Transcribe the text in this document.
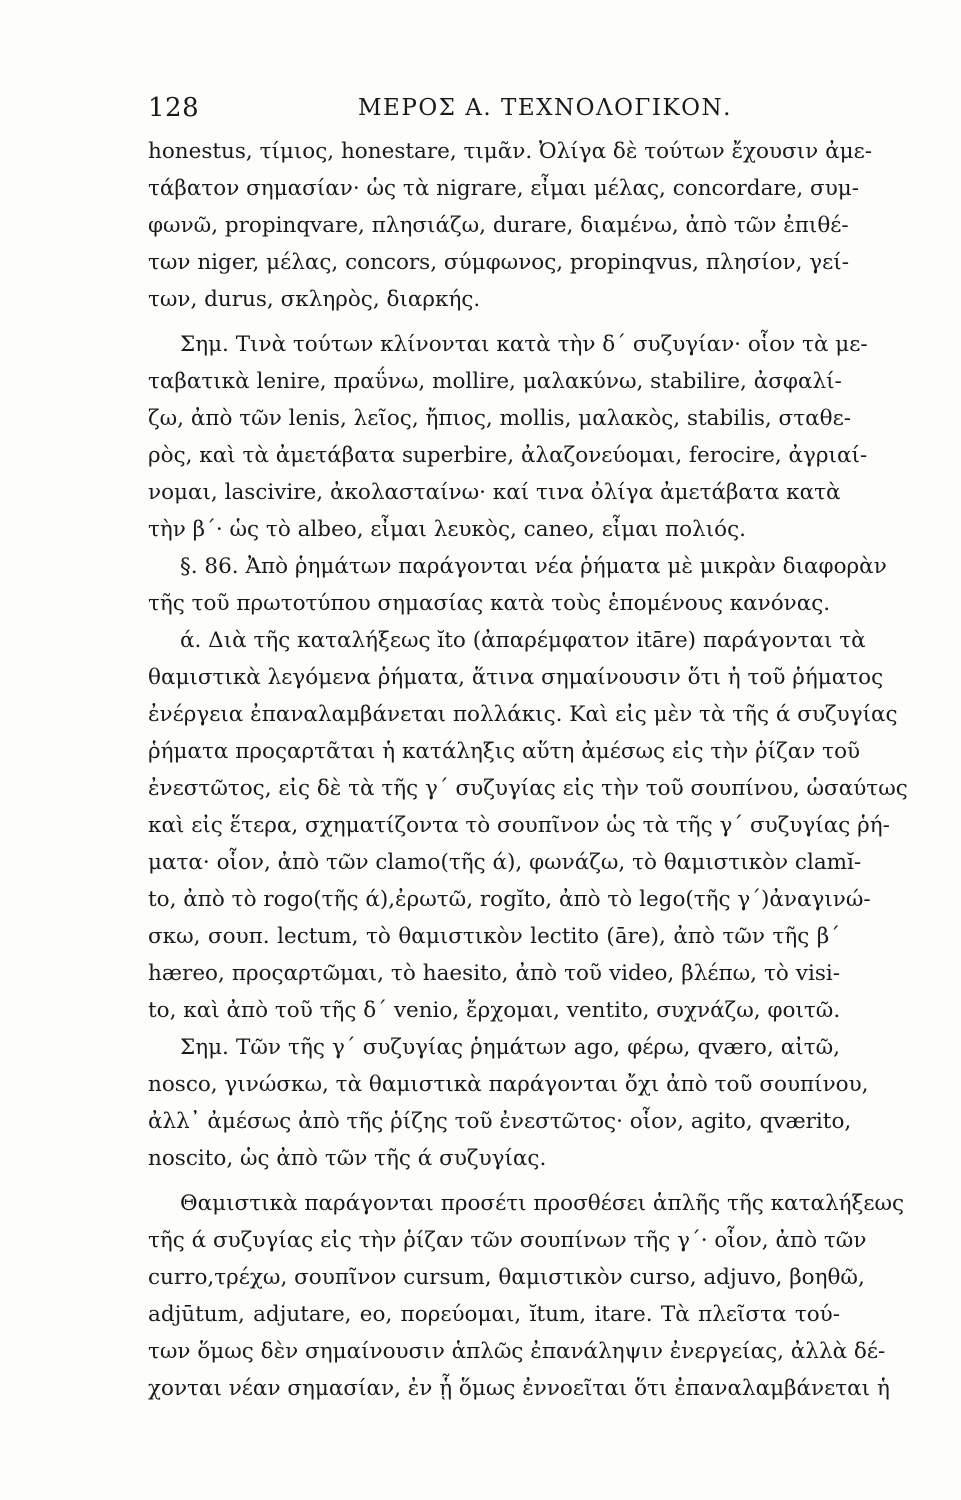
128	ΜΕΡΟΣ Α. ΤΕΧΝΟΛΟΓΙΚΟΝ.
honestus, τίμιος, honestare, τιμᾶν. Ὀλίγα δὲ τούτων ἔχουσιν ἀμε-
τάβατον σημασίαν· ὡς τὰ nigrare, εἶμαι μέλας, concordare, συμ-
φωνῶ, propinqvare, πλησιάζω, durare, διαμένω, ἀπὸ τῶν ἐπιθέ-
των niger, μέλας, concors, σύμφωνος, propinqvus, πλησίον, γεί-
των, durus, σκληρὸς, διαρκής.
Σημ. Τινὰ τούτων κλίνονται κατὰ τὴν δ΄ συζυγίαν· οἷον τὰ με-
ταβατικὰ lenire, πραΰνω, mollire, μαλακύνω, stabilire, ἀσφαλί-
ζω, ἀπὸ τῶν lenis, λεῖος, ἤπιος, mollis, μαλακὸς, stabilis, σταθε-
ρὸς, καὶ τὰ ἀμετάβατα superbire, ἀλαζονεύομαι, ferocire, ἀγριαί-
νομαι, lascivire, ἀκολασταίνω· καί τινα ὀλίγα ἀμετάβατα κατὰ
τὴν β΄· ὡς τὸ albeo, εἶμαι λευκὸς, caneo, εἶμαι πολιός.
§. 86. Ἀπὸ ῥημάτων παράγονται νέα ῥήματα μὲ μικρὰν διαφορὰν
τῆς τοῦ πρωτοτύπου σημασίας κατὰ τοὺς ἑπομένους κανόνας.
ά. Διὰ τῆς καταλήξεως ĭto (ἀπαρέμφατον itāre) παράγονται τὰ
θαμιστικὰ λεγόμενα ῥήματα, ἅτινα σημαίνουσιν ὅτι ἡ τοῦ ῥήματος
ἐνέργεια ἐπαναλαμβάνεται πολλάκις. Καὶ εἰς μὲν τὰ τῆς ά συζυγίας
ῥήματα προςαρτᾶται ἡ κατάληξις αὕτη ἀμέσως εἰς τὴν ῥίζαν τοῦ
ἐνεστῶτος, εἰς δὲ τὰ τῆς γ΄ συζυγίας εἰς τὴν τοῦ σουπίνου, ὡσαύτως
καὶ εἰς ἕτερα, σχηματίζοντα τὸ σουπῖνον ὡς τὰ τῆς γ΄ συζυγίας ῥή-
ματα· οἷον, ἀπὸ τῶν clamo(τῆς ά), φωνάζω, τὸ θαμιστικὸν clamĭ-
to, ἀπὸ τὸ rogo(τῆς ά),ἐρωτῶ, rogĭto, ἀπὸ τὸ lego(τῆς γ΄)ἀναγινώ-
σκω, σουπ. lectum, τὸ θαμιστικὸν lectito (āre), ἀπὸ τῶν τῆς β΄
hæreo, προςαρτῶμαι, τὸ haesito, ἀπὸ τοῦ video, βλέπω, τὸ visi-
to, καὶ ἀπὸ τοῦ τῆς δ΄ venio, ἔρχομαι, ventito, συχνάζω, φοιτῶ.
Σημ. Τῶν τῆς γ΄ συζυγίας ῥημάτων ago, φέρω, qværo, αἰτῶ,
nosco, γινώσκω, τὰ θαμιστικὰ παράγονται ὄχι ἀπὸ τοῦ σουπίνου,
ἀλλ᾽ ἀμέσως ἀπὸ τῆς ῥίζης τοῦ ἐνεστῶτος· οἷον, agito, qværito,
noscito, ὡς ἀπὸ τῶν τῆς ά συζυγίας.
Θαμιστικὰ παράγονται προσέτι προσθέσει ἁπλῆς τῆς καταλήξεως
τῆς ά συζυγίας εἰς τὴν ῥίζαν τῶν σουπίνων τῆς γ΄· οἷον, ἀπὸ τῶν
curro,τρέχω, σουπῖνον cursum, θαμιστικὸν curso, adjuvo, βοηθῶ,
adjūtum, adjutare, eo, πορεύομαι, ĭtum, itare. Τὰ πλεῖστα τού-
των ὅμως δὲν σημαίνουσιν ἁπλῶς ἐπανάληψιν ἐνεργείας, ἀλλὰ δέ-
χονται νέαν σημασίαν, ἐν ᾗ ὅμως ἐννοεῖται ὅτι ἐπαναλαμβάνεται ἡ
